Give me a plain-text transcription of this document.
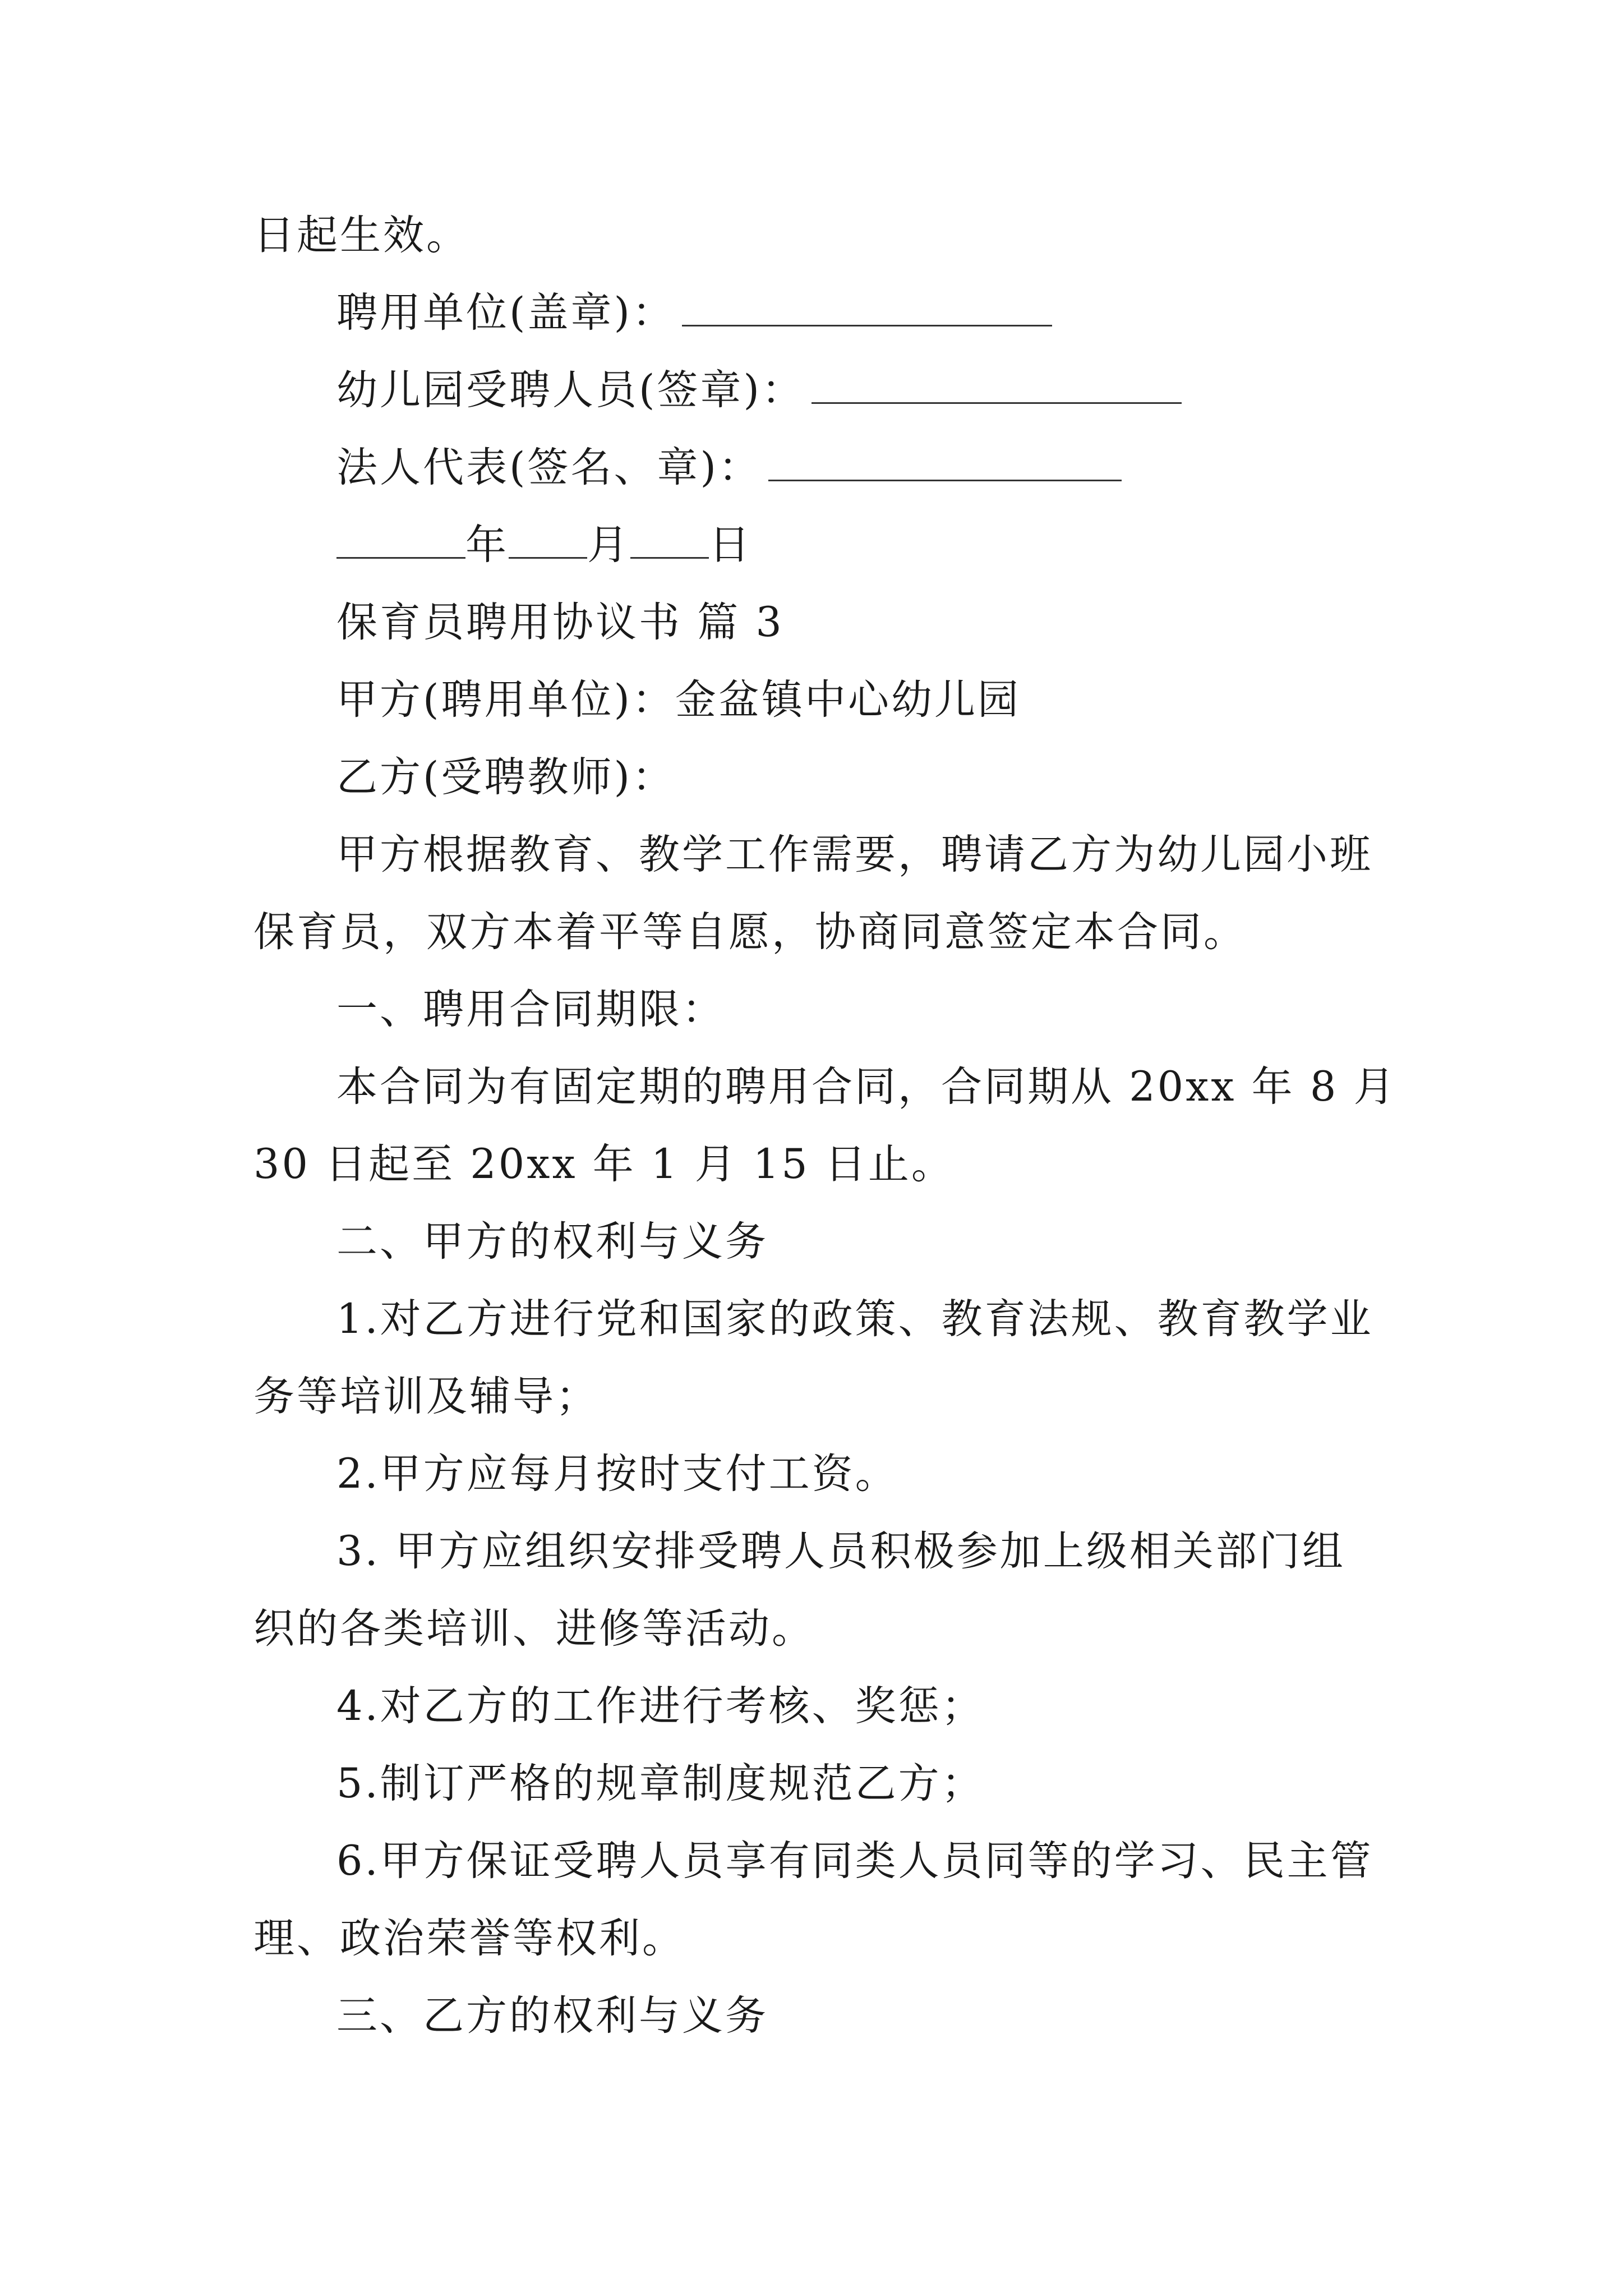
日起生效。
聘用单位(盖章)：
幼儿园受聘人员(签章)：
法人代表(签名、章)：
年 月 日
保育员聘用协议书 篇 3
甲方(聘用单位)：金盆镇中心幼儿园
乙方(受聘教师)：
甲方根据教育、教学工作需要，聘请乙方为幼儿园小班
保育员，双方本着平等自愿，协商同意签定本合同。
一、聘用合同期限：
本合同为有固定期的聘用合同，合同期从 20xx 年 8 月
30 日起至 20xx 年 1 月 15 日止。
二、甲方的权利与义务
1.对乙方进行党和国家的政策、教育法规、教育教学业
务等培训及辅导；
2.甲方应每月按时支付工资。
3. 甲方应组织安排受聘人员积极参加上级相关部门组
织的各类培训、进修等活动。
4.对乙方的工作进行考核、奖惩；
5.制订严格的规章制度规范乙方；
6.甲方保证受聘人员享有同类人员同等的学习、民主管
理、政治荣誉等权利。
三、乙方的权利与义务
